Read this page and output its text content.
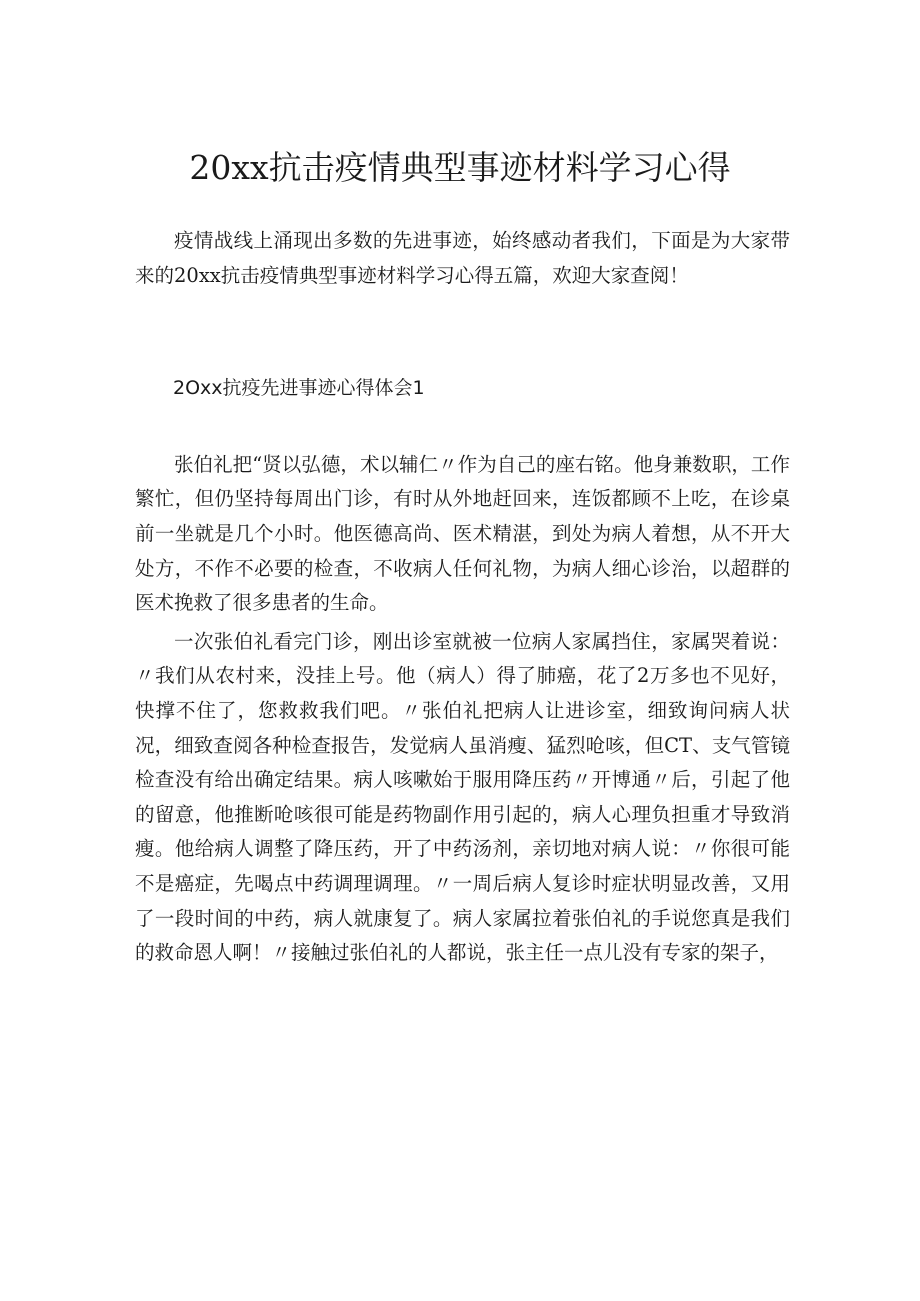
20xx抗击疫情典型事迹材料学习心得

疫情战线上涌现出多数的先进事迹，始终感动者我们，下面是为大家带来的20xx抗击疫情典型事迹材料学习心得五篇，欢迎大家查阅！

2Oxx抗疫先进事迹心得体会1

张伯礼把“贤以弘德，术以辅仁〃作为自己的座右铭。他身兼数职，工作繁忙，但仍坚持每周出门诊，有时从外地赶回来，连饭都顾不上吃，在诊桌前一坐就是几个小时。他医德高尚、医术精湛，到处为病人着想，从不开大处方，不作不必要的检查，不收病人任何礼物，为病人细心诊治，以超群的医术挽救了很多患者的生命。

一次张伯礼看完门诊，刚出诊室就被一位病人家属挡住，家属哭着说：〃我们从农村来，没挂上号。他（病人）得了肺癌，花了2万多也不见好，快撑不住了，您救救我们吧。〃张伯礼把病人让进诊室，细致询问病人状况，细致查阅各种检查报告，发觉病人虽消瘦、猛烈呛咳，但CT、支气管镜检查没有给出确定结果。病人咳嗽始于服用降压药〃开博通〃后，引起了他的留意，他推断呛咳很可能是药物副作用引起的，病人心理负担重才导致消瘦。他给病人调整了降压药，开了中药汤剂，亲切地对病人说：〃你很可能不是癌症，先喝点中药调理调理。〃一周后病人复诊时症状明显改善，又用了一段时间的中药，病人就康复了。病人家属拉着张伯礼的手说您真是我们的救命恩人啊！〃接触过张伯礼的人都说，张主任一点儿没有专家的架子，
